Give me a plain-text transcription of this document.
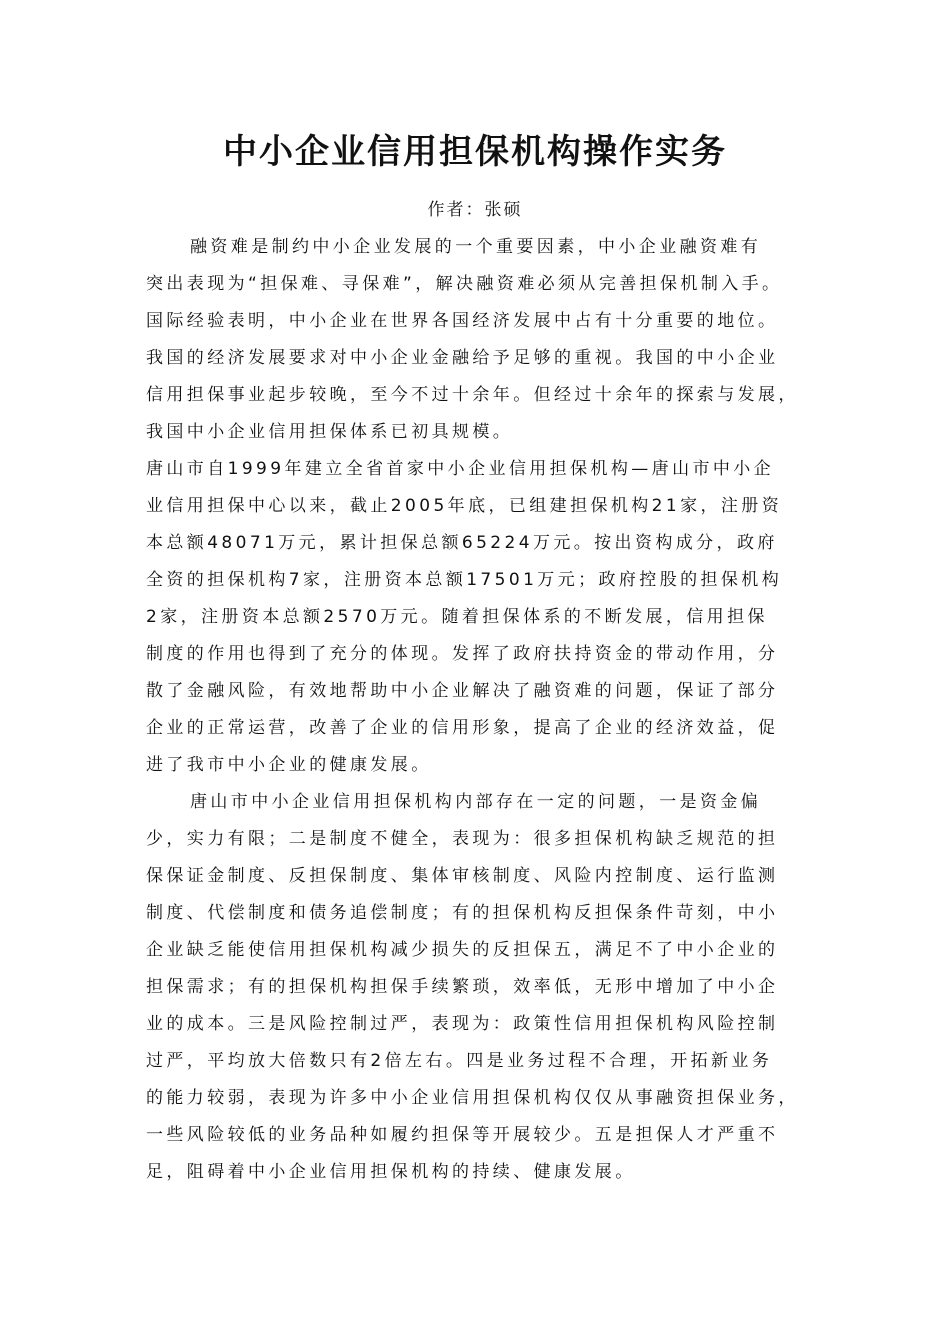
中小企业信用担保机构操作实务
作者：张硕
融资难是制约中小企业发展的一个重要因素，中小企业融资难有
突出表现为“担保难、寻保难”，解决融资难必须从完善担保机制入手。
国际经验表明，中小企业在世界各国经济发展中占有十分重要的地位。
我国的经济发展要求对中小企业金融给予足够的重视。我国的中小企业
信用担保事业起步较晚，至今不过十余年。但经过十余年的探索与发展，
我国中小企业信用担保体系已初具规模。
唐山市自1999年建立全省首家中小企业信用担保机构—唐山市中小企
业信用担保中心以来，截止2005年底，已组建担保机构21家，注册资
本总额48071万元，累计担保总额65224万元。按出资构成分，政府
全资的担保机构7家，注册资本总额17501万元；政府控股的担保机构
2家，注册资本总额2570万元。随着担保体系的不断发展，信用担保
制度的作用也得到了充分的体现。发挥了政府扶持资金的带动作用，分
散了金融风险，有效地帮助中小企业解决了融资难的问题，保证了部分
企业的正常运营，改善了企业的信用形象，提高了企业的经济效益，促
进了我市中小企业的健康发展。
唐山市中小企业信用担保机构内部存在一定的问题，一是资金偏
少，实力有限；二是制度不健全，表现为：很多担保机构缺乏规范的担
保保证金制度、反担保制度、集体审核制度、风险内控制度、运行监测
制度、代偿制度和债务追偿制度；有的担保机构反担保条件苛刻，中小
企业缺乏能使信用担保机构减少损失的反担保五，满足不了中小企业的
担保需求；有的担保机构担保手续繁琐，效率低，无形中增加了中小企
业的成本。三是风险控制过严，表现为：政策性信用担保机构风险控制
过严，平均放大倍数只有2倍左右。四是业务过程不合理，开拓新业务
的能力较弱，表现为许多中小企业信用担保机构仅仅从事融资担保业务，
一些风险较低的业务品种如履约担保等开展较少。五是担保人才严重不
足，阻碍着中小企业信用担保机构的持续、健康发展。
